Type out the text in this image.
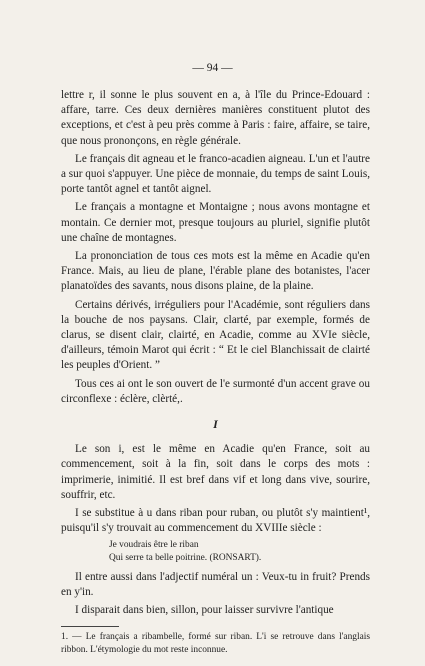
— 94 —

lettre r, il sonne le plus souvent en a, à l'île du Prince-Edouard : affare, tarre. Ces deux dernières manières constituent plutot des exceptions, et c'est à peu près comme à Paris : faire, affaire, se taire, que nous prononçons, en règle générale.

Le français dit agneau et le franco-acadien aigneau. L'un et l'autre a sur quoi s'appuyer. Une pièce de monnaie, du temps de saint Louis, porte tantôt agnel et tantôt aignel.

Le français a montagne et Montaigne ; nous avons montagne et montain. Ce dernier mot, presque toujours au pluriel, signifie plutôt une chaîne de montagnes.

La prononciation de tous ces mots est la même en Acadie qu'en France. Mais, au lieu de plane, l'érable plane des botanistes, l'acer planatoïdes des savants, nous disons plaine, de la plaine.

Certains dérivés, irréguliers pour l'Académie, sont réguliers dans la bouche de nos paysans. Clair, clarté, par exemple, formés de clarus, se disent clair, clairté, en Acadie, comme au XVIe siècle, d'ailleurs, témoin Marot qui écrit : “ Et le ciel Blanchissait de clairté les peuples d'Orient. ”

Tous ces ai ont le son ouvert de l'e surmonté d'un accent grave ou circonflexe : éclère, clèrté,.

I

Le son i, est le même en Acadie qu'en France, soit au commencement, soit à la fin, soit dans le corps des mots : imprimerie, inimitié. Il est bref dans vif et long dans vive, sourire, souffrir, etc.

I se substitue à u dans riban pour ruban, ou plutôt s'y maintient¹, puisqu'il s'y trouvait au commencement du XVIIIe siècle :

Je voudrais être le riban
Qui serre ta belle poitrine. (RONSART).

Il entre aussi dans l'adjectif numéral un : Veux-tu in fruit? Prends en y'in.

I disparait dans bien, sillon, pour laisser survivre l'antique

1. — Le français a ribambelle, formé sur riban. L'i se retrouve dans l'anglais ribbon. L'étymologie du mot reste inconnue.
